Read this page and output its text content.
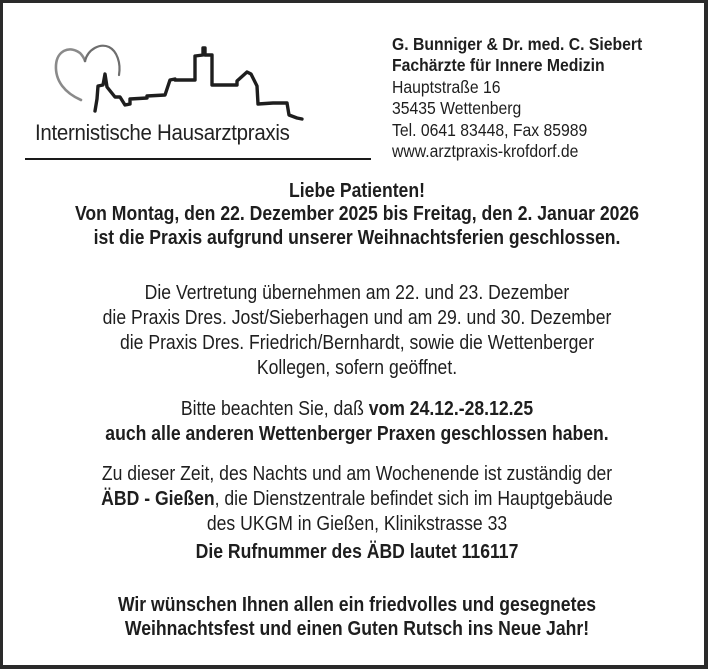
Internistische Hausarztpraxis
G. Bunniger & Dr. med. C. Siebert
Fachärzte für Innere Medizin
Hauptstraße 16
35435 Wettenberg
Tel. 0641 83448, Fax 85989
www.arztpraxis-krofdorf.de
Liebe Patienten!
Von Montag, den 22. Dezember 2025 bis Freitag, den 2. Januar 2026
ist die Praxis aufgrund unserer Weihnachtsferien geschlossen.
Die Vertretung übernehmen am 22. und 23. Dezember
die Praxis Dres. Jost/Sieberhagen und am 29. und 30. Dezember
die Praxis Dres. Friedrich/Bernhardt, sowie die Wettenberger
Kollegen, sofern geöffnet.
Bitte beachten Sie, daß vom 24.12.-28.12.25
auch alle anderen Wettenberger Praxen geschlossen haben.
Zu dieser Zeit, des Nachts und am Wochenende ist zuständig der
ÄBD - Gießen, die Dienstzentrale befindet sich im Hauptgebäude
des UKGM in Gießen, Klinikstrasse 33
Die Rufnummer des ÄBD lautet 116117
Wir wünschen Ihnen allen ein friedvolles und gesegnetes
Weihnachtsfest und einen Guten Rutsch ins Neue Jahr!
